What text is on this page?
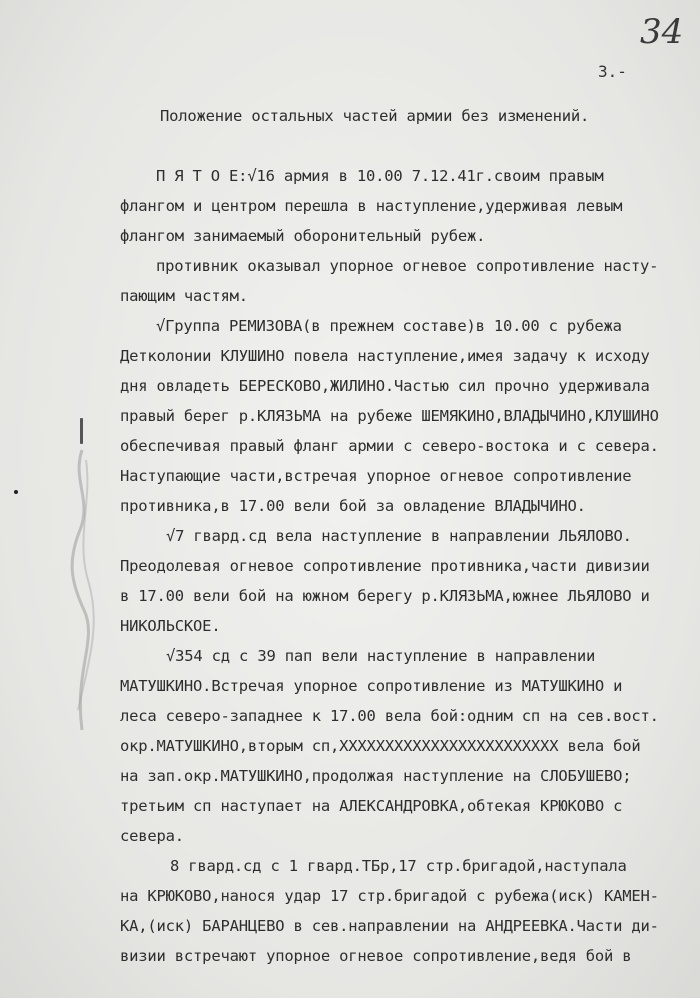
34
3.-
Положение остальных частей армии без изменений.
П Я Т О Е:√16 армия в 10.00 7.12.41г.своим правым
флангом и центром перешла в наступление,удерживая левым
флангом занимаемый оборонительный рубеж.
противник оказывал упорное огневое сопротивление насту-
пающим частям.
√Группа РЕМИЗОВА(в прежнем составе)в 10.00 с рубежа
Детколонии КЛУШИНО повела наступление,имея задачу к исходу
дня овладеть БЕРЕСКОВО,ЖИЛИНО.Частью сил прочно удерживала
правый берег р.КЛЯЗЬМА на рубеже ШЕМЯКИНО,ВЛАДЫЧИНО,КЛУШИНО
обеспечивая правый фланг армии с северо-востока и с севера.
Наступающие части,встречая упорное огневое сопротивление
противника,в 17.00 вели бой за овладение ВЛАДЫЧИНО.
√7 гвард.сд вела наступление в направлении ЛЬЯЛОВО.
Преодолевая огневое сопротивление противника,части дивизии
в 17.00 вели бой на южном берегу р.КЛЯЗЬМА,южнее ЛЬЯЛОВО и
НИКОЛЬСКОЕ.
√354 сд с 39 пап вели наступление в направлении
МАТУШКИНО.Встречая упорное сопротивление из МАТУШКИНО и
леса северо-западнее к 17.00 вела бой:одним сп на сев.вост.
окр.МАТУШКИНО,вторым сп,ХХХХХХХХХХХХХХХХХХХХХХХХ вела бой
на зап.окр.МАТУШКИНО,продолжая наступление на СЛОБУШЕВО;
третьим сп наступает на АЛЕКСАНДРОВКА,обтекая КРЮКОВО с
севера.
8 гвард.сд с 1 гвард.ТБр,17 стр.бригадой,наступала
на КРЮКОВО,нанося удар 17 стр.бригадой с рубежа(иск) КАМЕН-
КА,(иск) БАРАНЦЕВО в сев.направлении на АНДРЕЕВКА.Части ди-
визии встречают упорное огневое сопротивление,ведя бой в
